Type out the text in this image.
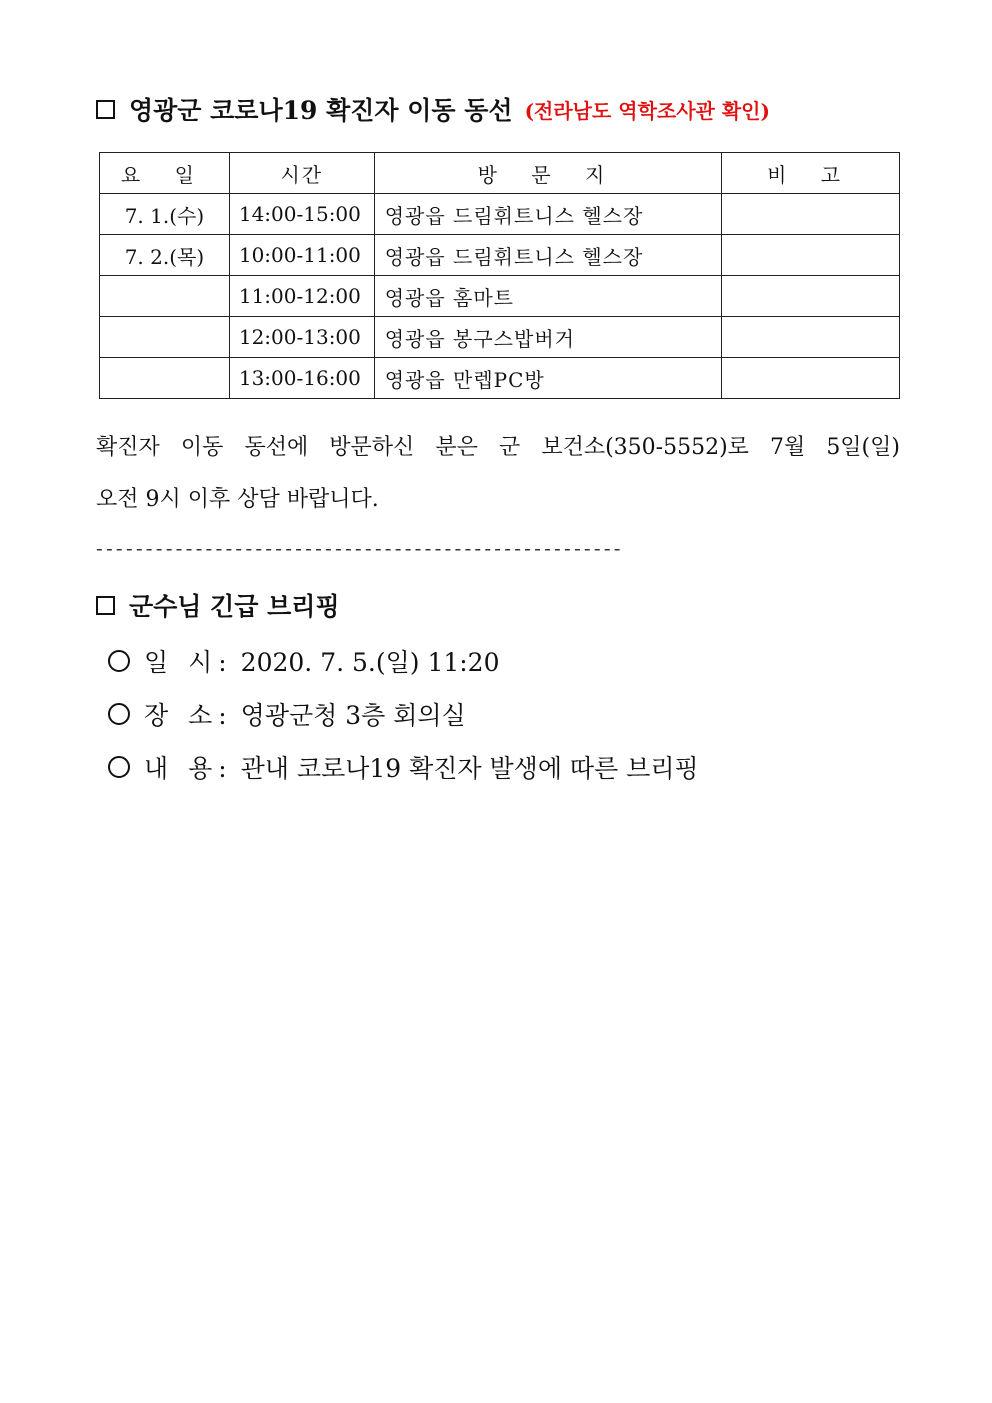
영광군 코로나19 확진자 이동 동선 (전라남도 역학조사관 확인)
요 일	시간	방 문 지	비 고
7. 1.(수)	14:00-15:00	영광읍 드림휘트니스 헬스장	
7. 2.(목)	10:00-11:00	영광읍 드림휘트니스 헬스장	
	11:00-12:00	영광읍 홈마트	
	12:00-13:00	영광읍 봉구스밥버거	
	13:00-16:00	영광읍 만렙PC방	
확진자 이동 동선에 방문하신 분은 군 보건소(350-5552)로 7월 5일(일)
오전 9시 이후 상담 바랍니다.
-----------------------------------------------------
군수님 긴급 브리핑
일 시: 2020. 7. 5.(일) 11:20
장 소: 영광군청 3층 회의실
내 용: 관내 코로나19 확진자 발생에 따른 브리핑
